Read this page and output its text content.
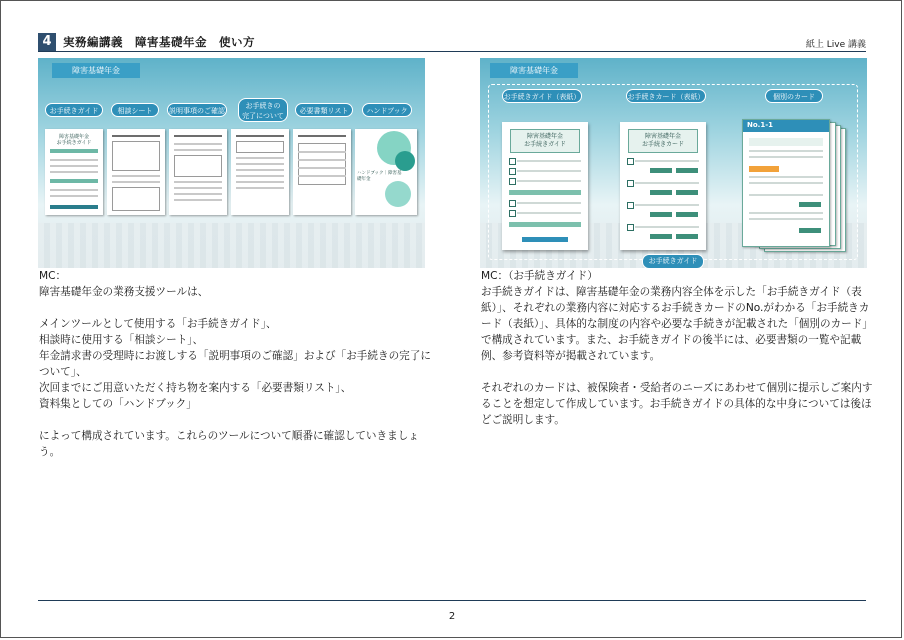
4 実務編講義　障害基礎年金　使い方	紙上 Live 講義
障害基礎年金
お手続きガイド	相談シート	説明事項のご確認
お手続きの
完了について
必要書類リスト	ハンドブック
障害基礎年金
お手続きガイド
ハンドブック｜障害基礎年金
障害基礎年金
お手続きガイド（表紙）	お手続きカード（表紙）	個別のカード
障害基礎年金
お手続きガイド
障害基礎年金
お手続きカード
No.1-1
お手続きガイド
MC：
障害基礎年金の業務支援ツールは、

メインツールとして使用する「お手続きガイド」、
相談時に使用する「相談シート」、
年金請求書の受理時にお渡しする「説明事項のご確認」および「お手続きの完了について」、
次回までにご用意いただく持ち物を案内する「必要書類リスト」、
資料集としての「ハンドブック」

によって構成されています。これらのツールについて順番に確認していきましょう。
MC：（お手続きガイド）
お手続きガイドは、障害基礎年金の業務内容全体を示した「お手続きガイド（表紙）」、それぞれの業務内容に対応するお手続きカードのNo.がわかる「お手続きカード（表紙）」、具体的な制度の内容や必要な手続きが記載された「個別のカード」で構成されています。また、お手続きガイドの後半には、必要書類の一覧や記載例、参考資料等が掲載されています。

それぞれのカードは、被保険者・受給者のニーズにあわせて個別に提示しご案内することを想定して作成しています。お手続きガイドの具体的な中身については後ほどご説明します。
2
